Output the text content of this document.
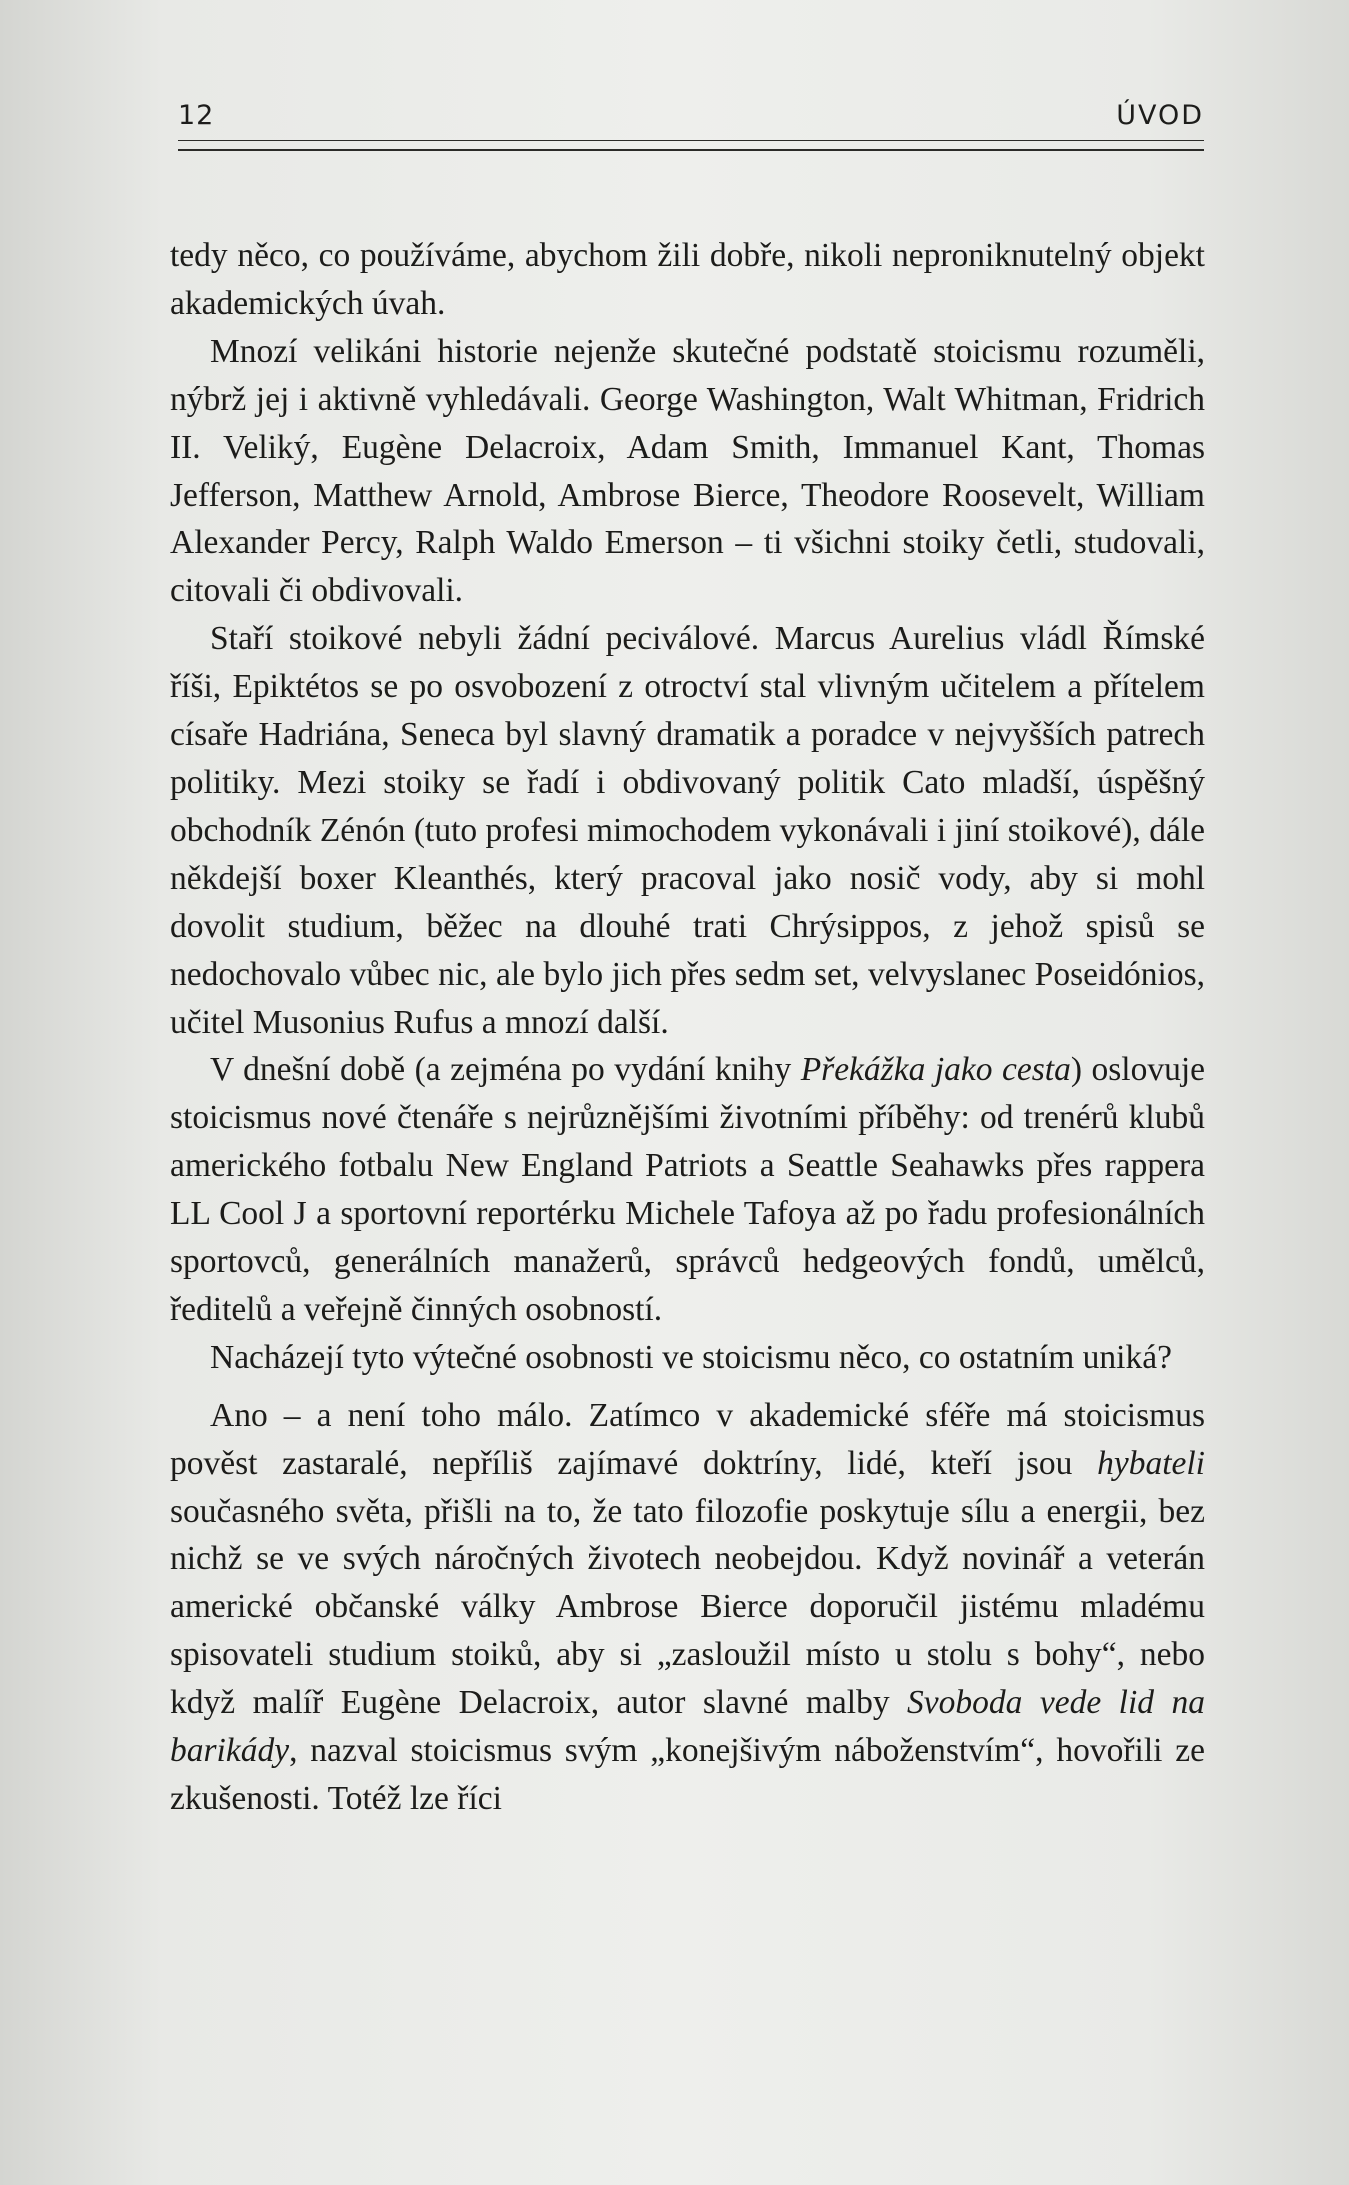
12	ÚVOD

tedy něco, co používáme, abychom žili dobře, nikoli neproniknutelný objekt akademických úvah.

Mnozí velikáni historie nejenže skutečné podstatě stoicismu rozuměli, nýbrž jej i aktivně vyhledávali. George Washington, Walt Whitman, Fridrich II. Veliký, Eugène Delacroix, Adam Smith, Immanuel Kant, Thomas Jefferson, Matthew Arnold, Ambrose Bierce, Theodore Roosevelt, William Alexander Percy, Ralph Waldo Emerson – ti všichni stoiky četli, studovali, citovali či obdivovali.

Staří stoikové nebyli žádní peciválové. Marcus Aurelius vládl Římské říši, Epiktétos se po osvobození z otroctví stal vlivným učitelem a přítelem císaře Hadriána, Seneca byl slavný dramatik a poradce v nejvyšších patrech politiky. Mezi stoiky se řadí i obdivovaný politik Cato mladší, úspěšný obchodník Zénón (tuto profesi mimochodem vykonávali i jiní stoikové), dále někdejší boxer Kleanthés, který pracoval jako nosič vody, aby si mohl dovolit studium, běžec na dlouhé trati Chrýsippos, z jehož spisů se nedochovalo vůbec nic, ale bylo jich přes sedm set, velvyslanec Poseidónios, učitel Musonius Rufus a mnozí další.

V dnešní době (a zejména po vydání knihy Překážka jako cesta) oslovuje stoicismus nové čtenáře s nejrůznějšími životními příběhy: od trenérů klubů amerického fotbalu New England Patriots a Seattle Seahawks přes rappera LL Cool J a sportovní reportérku Michele Tafoya až po řadu profesionálních sportovců, generálních manažerů, správců hedgeových fondů, umělců, ředitelů a veřejně činných osobností.

Nacházejí tyto výtečné osobnosti ve stoicismu něco, co ostatním uniká?

Ano – a není toho málo. Zatímco v akademické sféře má stoicismus pověst zastaralé, nepříliš zajímavé doktríny, lidé, kteří jsou hybateli současného světa, přišli na to, že tato filozofie poskytuje sílu a energii, bez nichž se ve svých náročných životech neobejdou. Když novinář a veterán americké občanské války Ambrose Bierce doporučil jistému mladému spisovateli studium stoiků, aby si „zasloužil místo u stolu s bohy“, nebo když malíř Eugène Delacroix, autor slavné malby Svoboda vede lid na barikády, nazval stoicismus svým „konejšivým náboženstvím“, hovořili ze zkušenosti. Totéž lze říci
